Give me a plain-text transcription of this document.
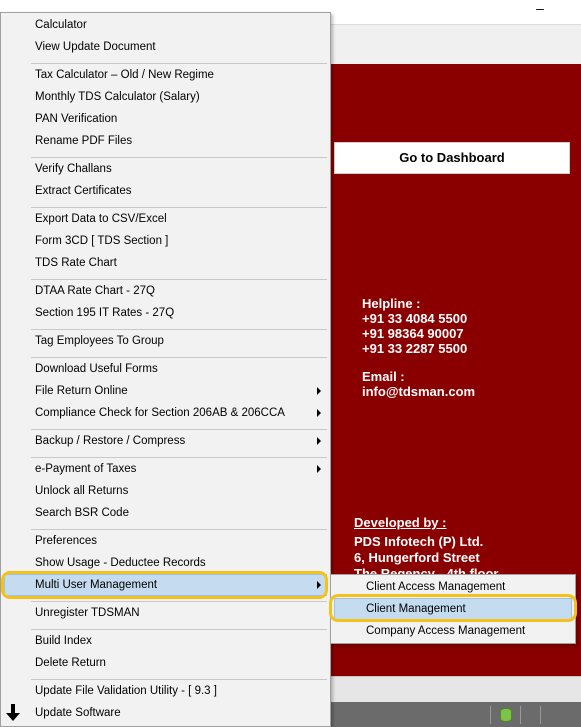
–
Go to Dashboard
Helpline :
+91 33 4084 5500
+91 98364 90007
+91 33 2287 5500
Email :
info@tdsman.com
Developed by :
PDS Infotech (P) Ltd.
6, Hungerford Street
Calculator
View Update Document
Tax Calculator – Old / New Regime
Monthly TDS Calculator (Salary)
PAN Verification
Rename PDF Files
Verify Challans
Extract Certificates
Export Data to CSV/Excel
Form 3CD [ TDS Section ]
TDS Rate Chart
DTAA Rate Chart - 27Q
Section 195 IT Rates - 27Q
Tag Employees To Group
Download Useful Forms
File Return Online
Compliance Check for Section 206AB & 206CCA
Backup / Restore / Compress
e-Payment of Taxes
Unlock all Returns
Search BSR Code
Preferences
Show Usage - Deductee Records
Multi User Management
Unregister TDSMAN
Build Index
Delete Return
Update File Validation Utility - [ 9.3 ]
Update Software
Client Access Management
Client Management
Company Access Management
